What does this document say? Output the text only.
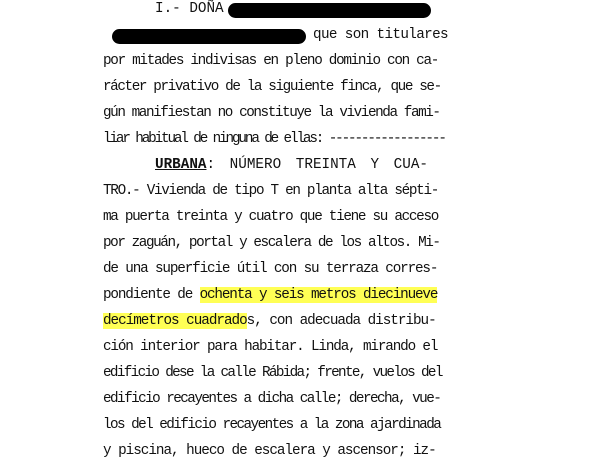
I.- DOÑA
que son titulares
por mitades indivisas en pleno dominio con ca-
rácter privativo de la siguiente finca, que se-
gún manifiestan no constituye la vivienda fami-
liar habitual de ninguna de ellas: ------------------
URBANA: NÚMERO TREINTA Y CUA-
TRO.- Vivienda de tipo T en planta alta sépti-
ma puerta treinta y cuatro que tiene su acceso
por zaguán, portal y escalera de los altos. Mi-
de una superficie útil con su terraza corres-
pondiente de ochenta y seis metros diecinueve
decímetros cuadrados, con adecuada distribu-
ción interior para habitar. Linda, mirando el
edificio dese la calle Rábida; frente, vuelos del
edificio recayentes a dicha calle; derecha, vue-
los del edificio recayentes a la zona ajardinada
y piscina, hueco de escalera y ascensor; iz-
